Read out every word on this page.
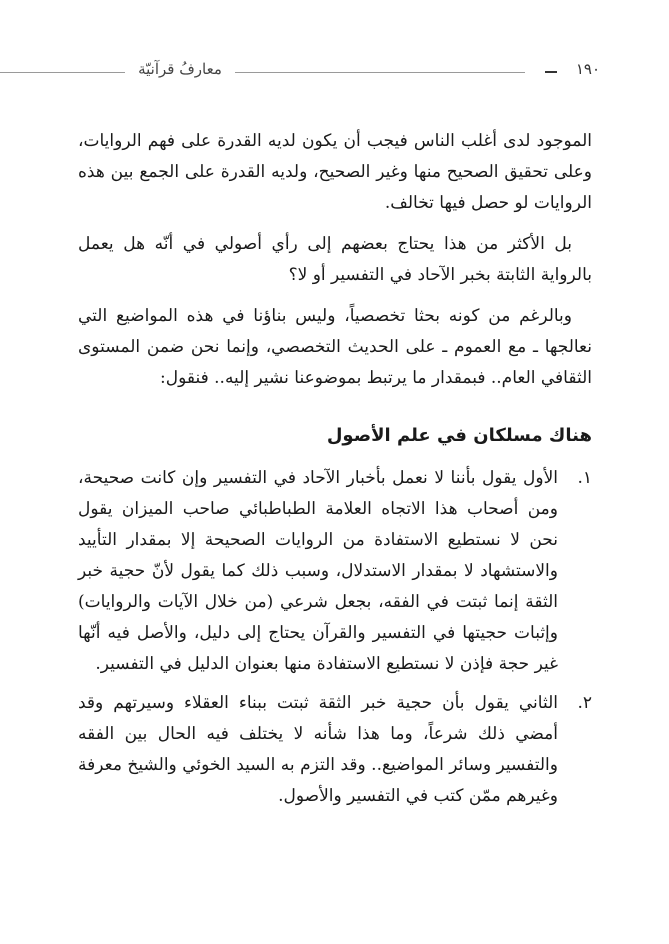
معارفُ قرآنيّة	١٩٠

الموجود لدى أغلب الناس فيجب أن يكون لديه القدرة على فهم الروايات، وعلى تحقيق الصحيح منها وغير الصحيح، ولديه القدرة على الجمع بين هذه الروايات لو حصل فيها تخالف.

بل الأكثر من هذا يحتاج بعضهم إلى رأي أصولي في أنّه هل يعمل بالرواية الثابتة بخبر الآحاد في التفسير أو لا؟

وبالرغم من كونه بحثا تخصصياً، وليس بناؤنا في هذه المواضيع التي نعالجها ـ مع العموم ـ على الحديث التخصصي، وإنما نحن ضمن المستوى الثقافي العام.. فبمقدار ما يرتبط بموضوعنا نشير إليه.. فنقول:

هناك مسلكان في علم الأصول

١.
الأول يقول بأننا لا نعمل بأخبار الآحاد في التفسير وإن كانت صحيحة، ومن أصحاب هذا الاتجاه العلامة الطباطبائي صاحب الميزان يقول نحن لا نستطيع الاستفادة من الروايات الصحيحة إلا بمقدار التأييد والاستشهاد لا بمقدار الاستدلال، وسبب ذلك كما يقول لأنّ حجية خبر الثقة إنما ثبتت في الفقه، بجعل شرعي (من خلال الآيات والروايات) وإثبات حجيتها في التفسير والقرآن يحتاج إلى دليل، والأصل فيه أنّها غير حجة فإذن لا نستطيع الاستفادة منها بعنوان الدليل في التفسير.
٢.
الثاني يقول بأن حجية خبر الثقة ثبتت ببناء العقلاء وسيرتهم وقد أمضي ذلك شرعاً، وما هذا شأنه لا يختلف فيه الحال بين الفقه والتفسير وسائر المواضيع.. وقد التزم به السيد الخوئي والشيخ معرفة وغيرهم ممّن كتب في التفسير والأصول.
